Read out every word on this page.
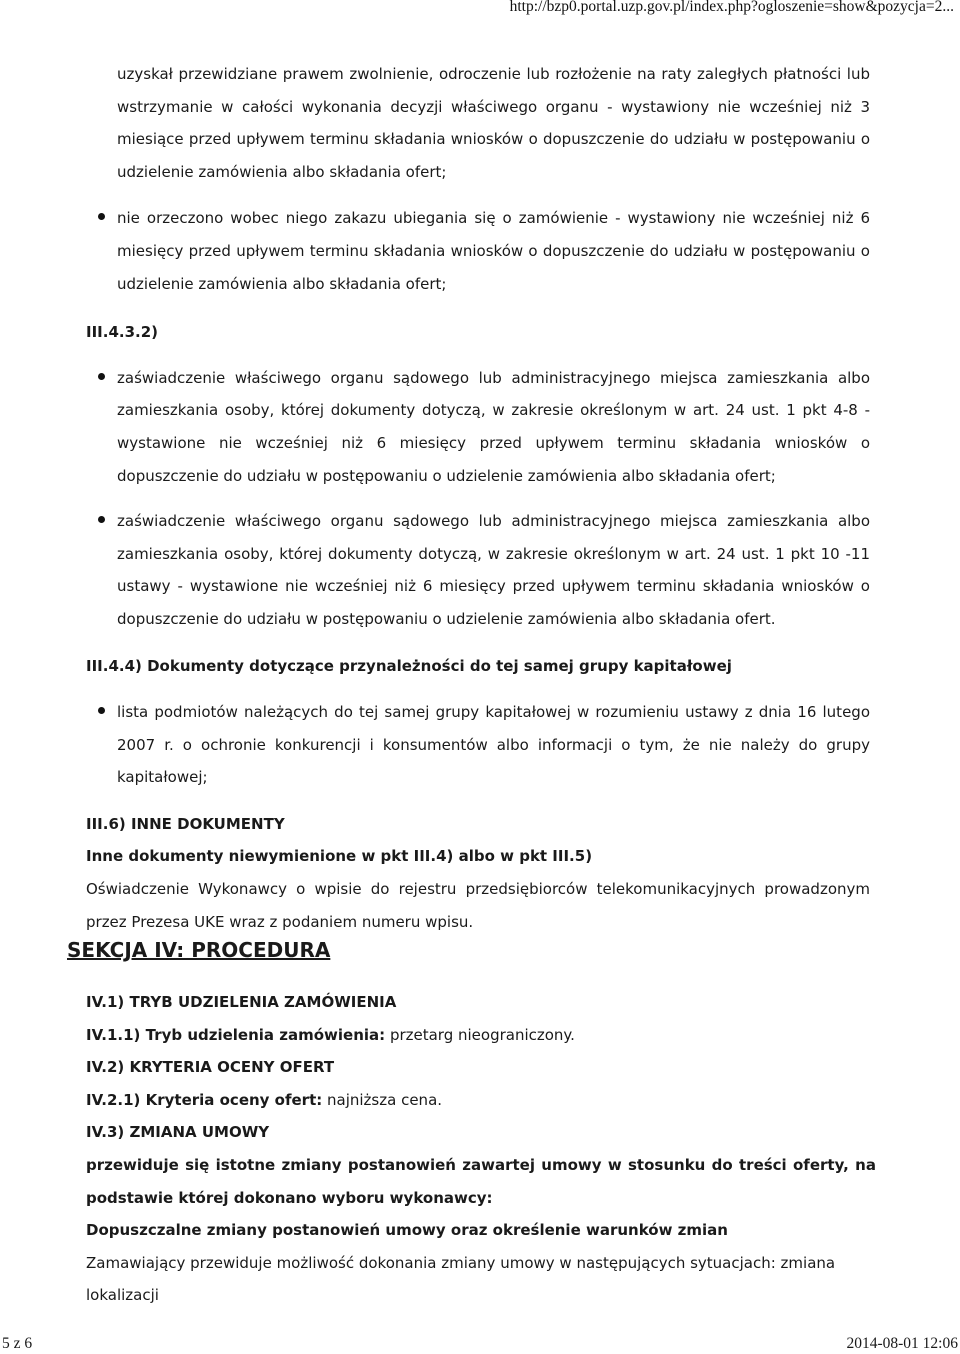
http://bzp0.portal.uzp.gov.pl/index.php?ogloszenie=show&pozycja=2...
uzyskał przewidziane prawem zwolnienie, odroczenie lub rozłożenie na raty zaległych płatności lub wstrzymanie w całości wykonania decyzji właściwego organu - wystawiony nie wcześniej niż 3 miesiące przed upływem terminu składania wniosków o dopuszczenie do udziału w postępowaniu o udzielenie zamówienia albo składania ofert;
nie orzeczono wobec niego zakazu ubiegania się o zamówienie - wystawiony nie wcześniej niż 6 miesięcy przed upływem terminu składania wniosków o dopuszczenie do udziału w postępowaniu o udzielenie zamówienia albo składania ofert;
III.4.3.2)
zaświadczenie właściwego organu sądowego lub administracyjnego miejsca zamieszkania albo zamieszkania osoby, której dokumenty dotyczą, w zakresie określonym w art. 24 ust. 1 pkt 4-8 - wystawione nie wcześniej niż 6 miesięcy przed upływem terminu składania wniosków o dopuszczenie do udziału w postępowaniu o udzielenie zamówienia albo składania ofert;
zaświadczenie właściwego organu sądowego lub administracyjnego miejsca zamieszkania albo zamieszkania osoby, której dokumenty dotyczą, w zakresie określonym w art. 24 ust. 1 pkt 10 -11 ustawy - wystawione nie wcześniej niż 6 miesięcy przed upływem terminu składania wniosków o dopuszczenie do udziału w postępowaniu o udzielenie zamówienia albo składania ofert.
III.4.4) Dokumenty dotyczące przynależności do tej samej grupy kapitałowej
lista podmiotów należących do tej samej grupy kapitałowej w rozumieniu ustawy z dnia 16 lutego 2007 r. o ochronie konkurencji i konsumentów albo informacji o tym, że nie należy do grupy kapitałowej;
III.6) INNE DOKUMENTY
Inne dokumenty niewymienione w pkt III.4) albo w pkt III.5)
Oświadczenie Wykonawcy o wpisie do rejestru przedsiębiorców telekomunikacyjnych prowadzonym przez Prezesa UKE wraz z podaniem numeru wpisu.
SEKCJA IV: PROCEDURA
IV.1) TRYB UDZIELENIA ZAMÓWIENIA
IV.1.1) Tryb udzielenia zamówienia: przetarg nieograniczony.
IV.2) KRYTERIA OCENY OFERT
IV.2.1) Kryteria oceny ofert: najniższa cena.
IV.3) ZMIANA UMOWY
przewiduje się istotne zmiany postanowień zawartej umowy w stosunku do treści oferty, na podstawie której dokonano wyboru wykonawcy:
Dopuszczalne zmiany postanowień umowy oraz określenie warunków zmian
Zamawiający przewiduje możliwość dokonania zmiany umowy w następujących sytuacjach: zmiana lokalizacji
5 z 6	2014-08-01 12:06
